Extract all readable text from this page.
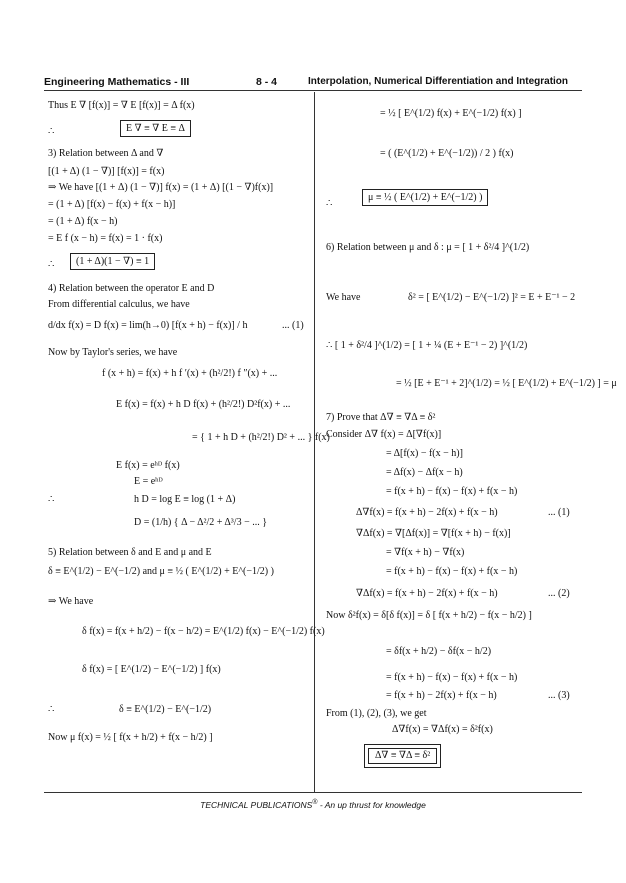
Engineering Mathematics - III	8 - 4	Interpolation, Numerical Differentiation and Integration
Thus E ∇ [f(x)] = ∇ E [f(x)] = Δ f(x)
∴	E ∇ ≡ ∇ E ≡ Δ
3) Relation between Δ and ∇
[(1 + Δ) (1 − ∇)] [f(x)] = f(x)
⇒ We have [(1 + Δ) (1 − ∇)] f(x) = (1 + Δ) [(1 − ∇)f(x)]
= (1 + Δ) [f(x) − f(x) + f(x − h)]
= (1 + Δ) f(x − h)
= E f (x − h) = f(x) = 1 · f(x)
∴	(1 + Δ)(1 − ∇) ≡ 1
4) Relation between the operator E and D
From differential calculus, we have
d/dx f(x) = D f(x) = lim(h→0) [f(x + h) − f(x)] / h	... (1)
Now by Taylor's series, we have
f (x + h) = f(x) + h f ′(x) + (h²/2!) f ″(x) + ...
E f(x) = f(x) + h D f(x) + (h²/2!) D²f(x) + ...
= { 1 + h D + (h²/2!) D² + ... } f(x)
E f(x) = eʰᴰ f(x)
E = eʰᴰ
∴	h D = log E ≡ log (1 + Δ)
D = (1/h) { Δ − Δ²/2 + Δ³/3 − ... }
5) Relation between δ and E and μ and E
δ ≡ E^(1/2) − E^(−1/2) and μ ≡ ½ ( E^(1/2) + E^(−1/2) )
⇒ We have
δ f(x) = f(x + h/2) − f(x − h/2) = E^(1/2) f(x) − E^(−1/2) f(x)
δ f(x) = [ E^(1/2) − E^(−1/2) ] f(x)
∴	δ ≡ E^(1/2) − E^(−1/2)
Now μ f(x) = ½ [ f(x + h/2) + f(x − h/2) ]
= ½ [ E^(1/2) f(x) + E^(−1/2) f(x) ]
= ( (E^(1/2) + E^(−1/2)) / 2 ) f(x)
∴
μ ≡ ½ ( E^(1/2) + E^(−1/2) )
6) Relation between μ and δ : μ = [ 1 + δ²/4 ]^(1/2)
We have	δ² = [ E^(1/2) − E^(−1/2) ]² = E + E⁻¹ − 2
∴ [ 1 + δ²/4 ]^(1/2) = [ 1 + ¼ (E + E⁻¹ − 2) ]^(1/2)
= ½ [E + E⁻¹ + 2]^(1/2) = ½ [ E^(1/2) + E^(−1/2) ] = μ
7) Prove that Δ∇ ≡ ∇Δ ≡ δ²
Consider Δ∇ f(x) = Δ[∇f(x)]
= Δ[f(x) − f(x − h)]
= Δf(x) − Δf(x − h)
= f(x + h) − f(x) − f(x) + f(x − h)
Δ∇f(x) = f(x + h) − 2f(x) + f(x − h)	... (1)
∇Δf(x) = ∇[Δf(x)] = ∇[f(x + h) − f(x)]
= ∇f(x + h) − ∇f(x)
= f(x + h) − f(x) − f(x) + f(x − h)
∇Δf(x) = f(x + h) − 2f(x) + f(x − h)	... (2)
Now δ²f(x) = δ[δ f(x)] = δ [ f(x + h/2) − f(x − h/2) ]
= δf(x + h/2) − δf(x − h/2)
= f(x + h) − f(x) − f(x) + f(x − h)
= f(x + h) − 2f(x) + f(x − h)	... (3)
From (1), (2), (3), we get
Δ∇f(x) = ∇Δf(x) = δ²f(x)
Δ∇ ≡ ∇Δ ≡ δ²
TECHNICAL PUBLICATIONS® - An up thrust for knowledge
